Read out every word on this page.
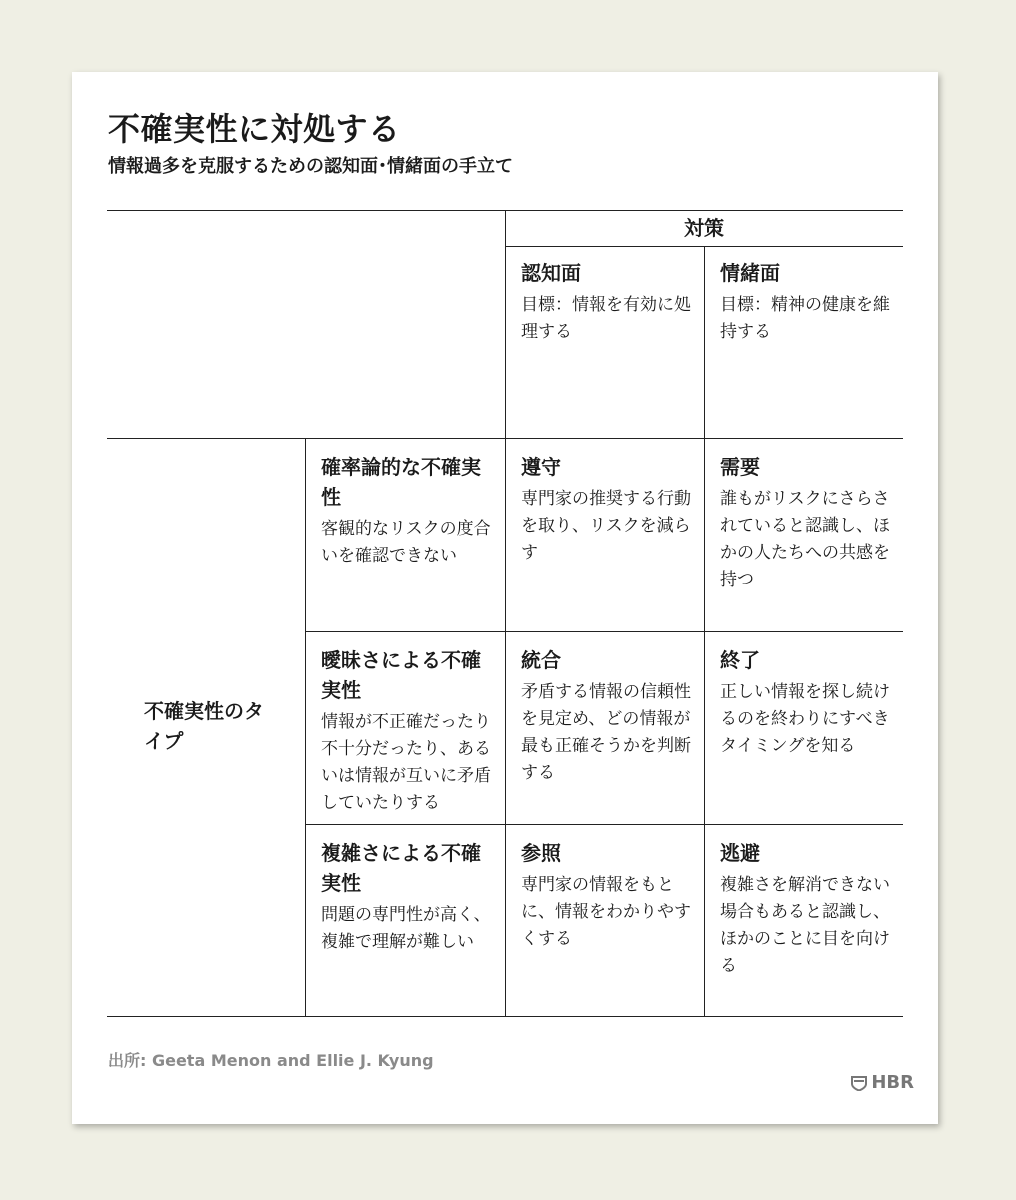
不確実性に対処する

情報過多を克服するための認知面･情緒面の手立て

対策
認知面
目標：情報を有効に処理する
情緒面
目標：精神の健康を維持する
不確実性のタイプ
確率論的な不確実性
客観的なリスクの度合いを確認できない
遵守
専門家の推奨する行動を取り、リスクを減らす
需要
誰もがリスクにさらされていると認識し、ほかの人たちへの共感を持つ
曖昧さによる不確実性
情報が不正確だったり不十分だったり、あるいは情報が互いに矛盾していたりする
統合
矛盾する情報の信頼性を見定め、どの情報が最も正確そうかを判断する
終了
正しい情報を探し続けるのを終わりにすべきタイミングを知る
複雑さによる不確実性
問題の専門性が高く、複雑で理解が難しい
参照
専門家の情報をもとに、情報をわかりやすくする
逃避
複雑さを解消できない場合もあると認識し、ほかのことに目を向ける
出所: Geeta Menon and Ellie J. Kyung
HBR
